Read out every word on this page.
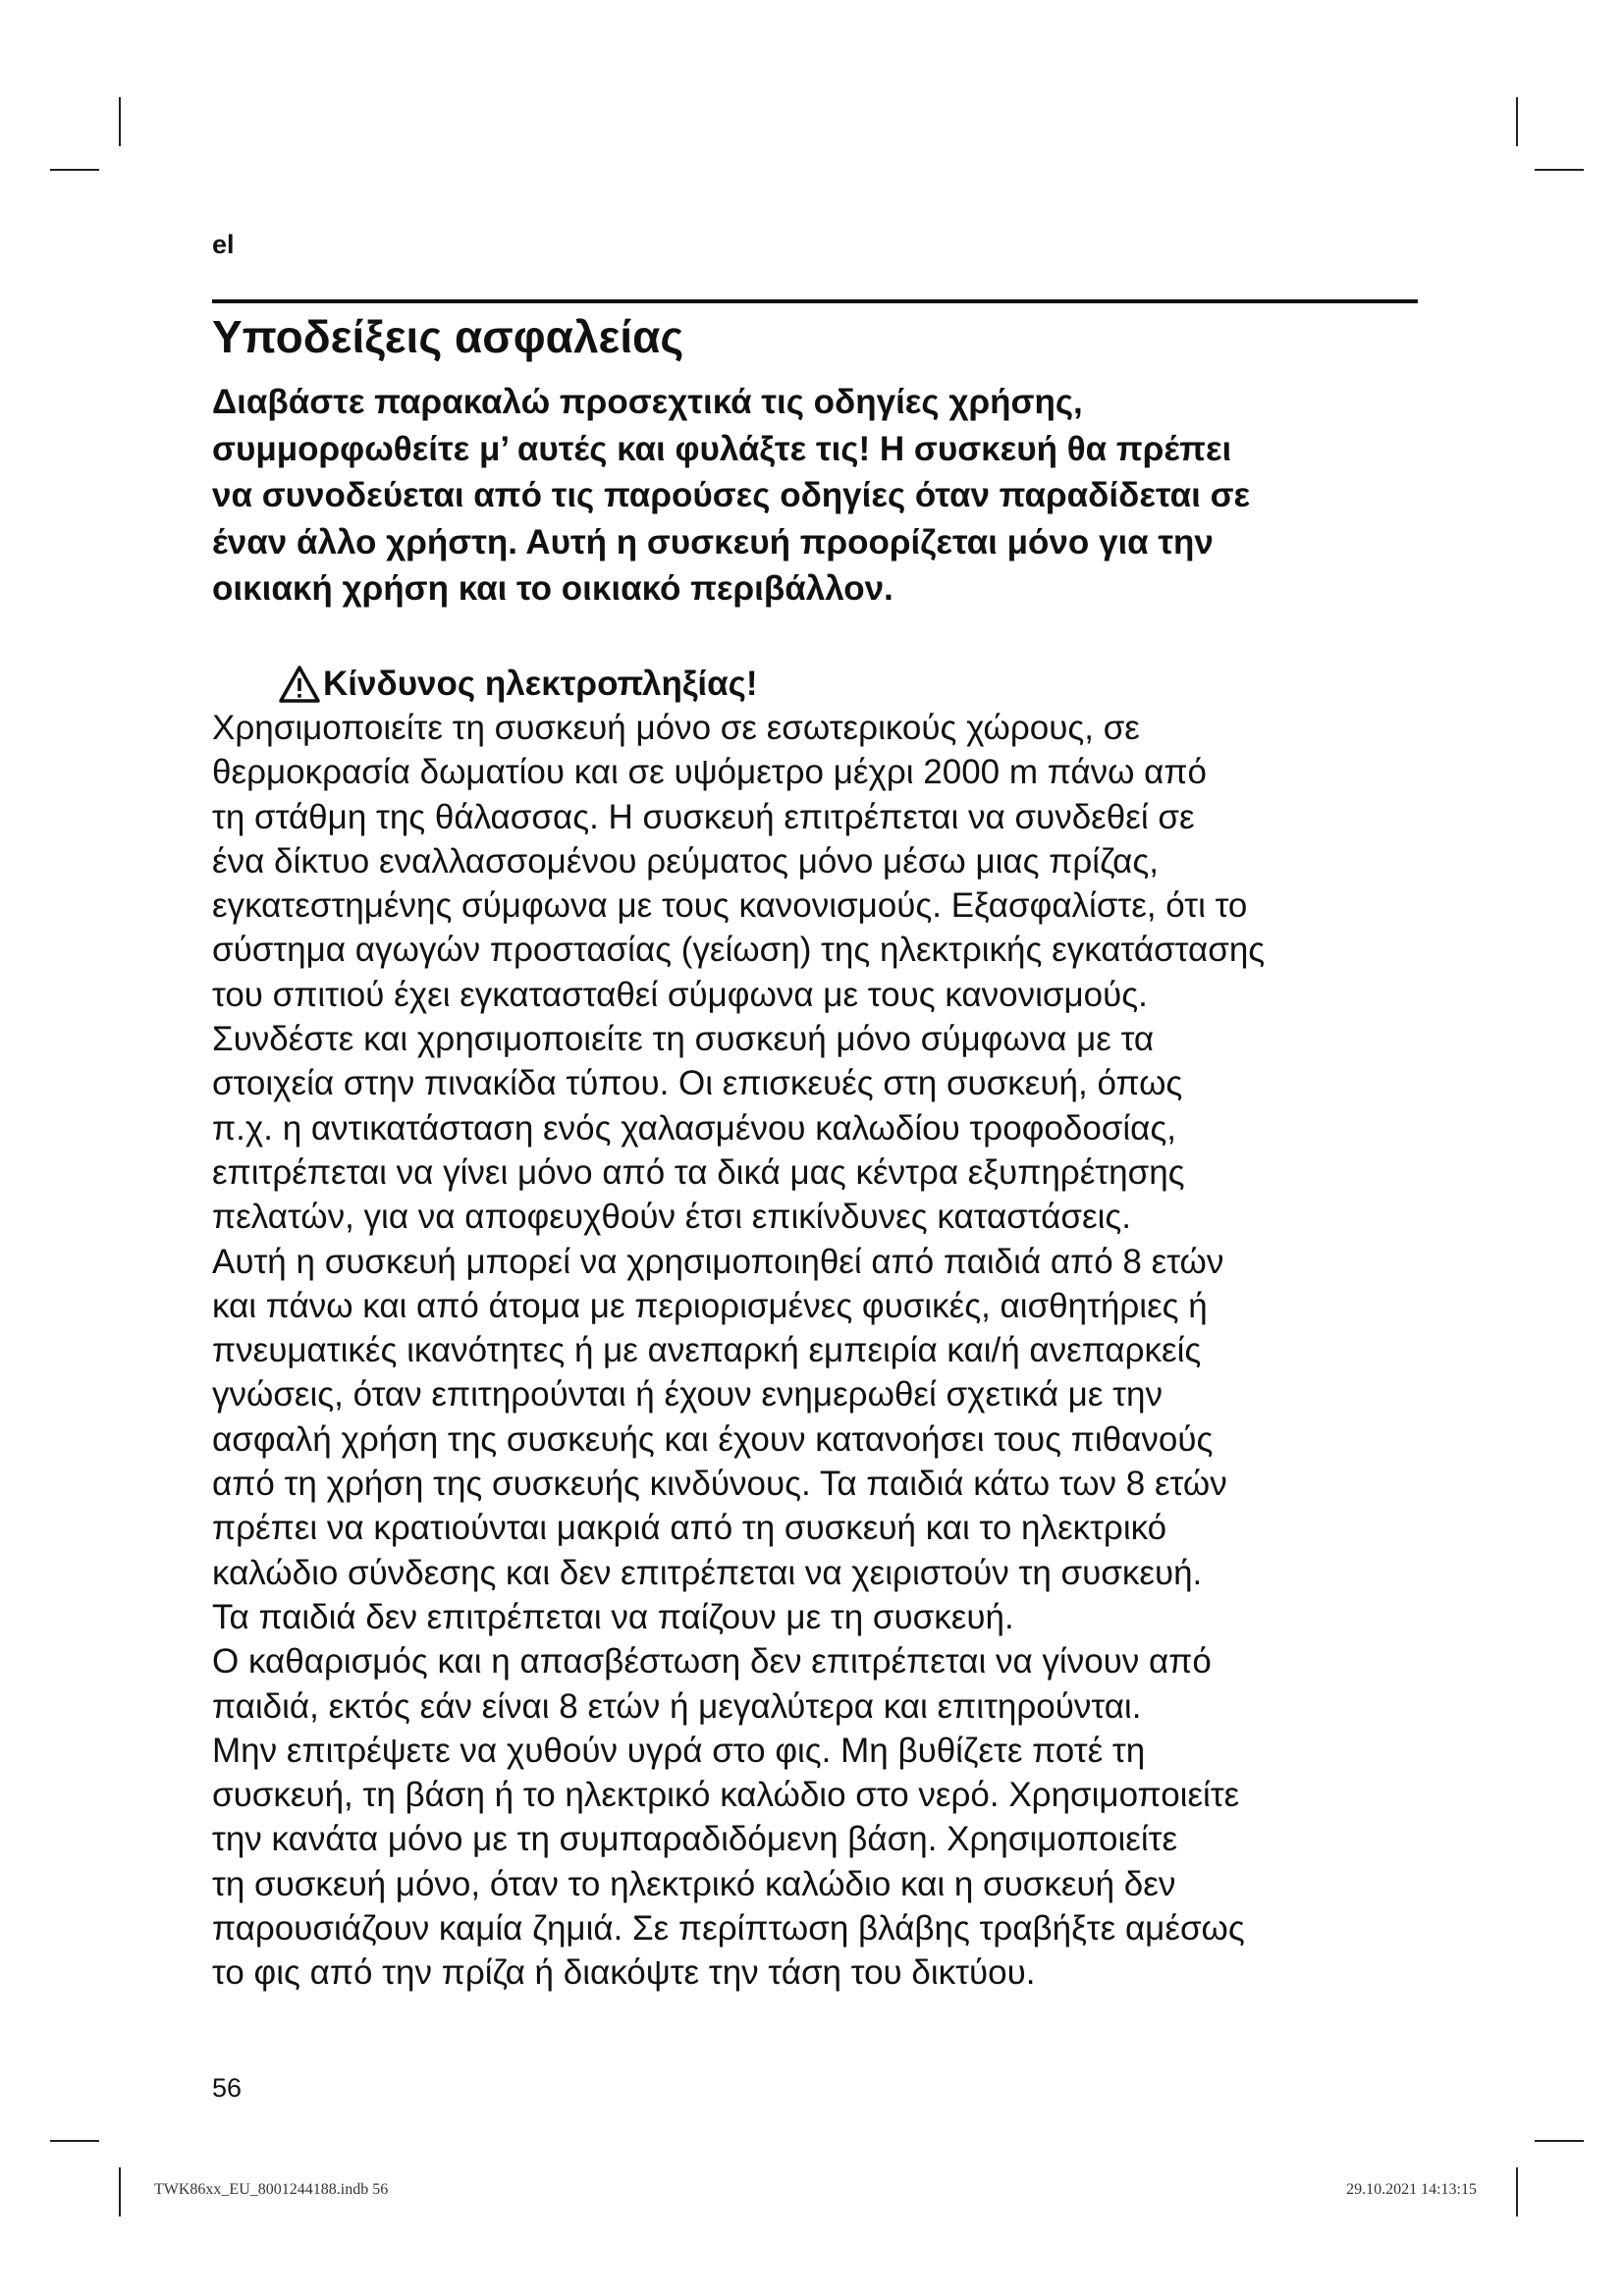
el
Υποδείξεις ασφαλείας
Διαβάστε παρακαλώ προσεχτικά τις οδηγίες χρήσης,
συμμορφωθείτε μ’ αυτές και φυλάξτε τις! Η συσκευή θα πρέπει
να συνοδεύεται από τις παρούσες οδηγίες όταν παραδίδεται σε
έναν άλλο χρήστη. Αυτή η συσκευή προορίζεται μόνο για την
οικιακή χρήση και το οικιακό περιβάλλον.
Κίνδυνος ηλεκτροπληξίας!
Χρησιμοποιείτε τη συσκευή μόνο σε εσωτερικούς χώρους, σε
θερμοκρασία δωματίου και σε υψόμετρο μέχρι 2000 m πάνω από
τη στάθμη της θάλασσας. Η συσκευή επιτρέπεται να συνδεθεί σε
ένα δίκτυο εναλλασσομένου ρεύματος μόνο μέσω μιας πρίζας,
εγκατεστημένης σύμφωνα με τους κανονισμούς. Εξασφαλίστε, ότι το
σύστημα αγωγών προστασίας (γείωση) της ηλεκτρικής εγκατάστασης
του σπιτιού έχει εγκατασταθεί σύμφωνα με τους κανονισμούς.
Συνδέστε και χρησιμοποιείτε τη συσκευή μόνο σύμφωνα με τα
στοιχεία στην πινακίδα τύπου. Οι επισκευές στη συσκευή, όπως
π.χ. η αντικατάσταση ενός χαλασμένου καλωδίου τροφοδοσίας,
επιτρέπεται να γίνει μόνο από τα δικά μας κέντρα εξυπηρέτησης
πελατών, για να αποφευχθούν έτσι επικίνδυνες καταστάσεις.
Αυτή η συσκευή μπορεί να χρησιμοποιηθεί από παιδιά από 8 ετών
και πάνω και από άτομα με περιορισμένες φυσικές, αισθητήριες ή
πνευματικές ικανότητες ή με ανεπαρκή εμπειρία και/ή ανεπαρκείς
γνώσεις, όταν επιτηρούνται ή έχουν ενημερωθεί σχετικά με την
ασφαλή χρήση της συσκευής και έχουν κατανοήσει τους πιθανούς
από τη χρήση της συσκευής κινδύνους. Τα παιδιά κάτω των 8 ετών
πρέπει να κρατιούνται μακριά από τη συσκευή και το ηλεκτρικό
καλώδιο σύνδεσης και δεν επιτρέπεται να χειριστούν τη συσκευή.
Τα παιδιά δεν επιτρέπεται να παίζουν με τη συσκευή.
Ο καθαρισμός και η απασβέστωση δεν επιτρέπεται να γίνουν από
παιδιά, εκτός εάν είναι 8 ετών ή μεγαλύτερα και επιτηρούνται.
Μην επιτρέψετε να χυθούν υγρά στο φις. Μη βυθίζετε ποτέ τη
συσκευή, τη βάση ή το ηλεκτρικό καλώδιο στο νερό. Χρησιμοποιείτε
την κανάτα μόνο με τη συμπαραδιδόμενη βάση. Χρησιμοποιείτε
τη συσκευή μόνο, όταν το ηλεκτρικό καλώδιο και η συσκευή δεν
παρουσιάζουν καμία ζημιά. Σε περίπτωση βλάβης τραβήξτε αμέσως
το φις από την πρίζα ή διακόψτε την τάση του δικτύου.
56
TWK86xx_EU_8001244188.indb 56	29.10.2021 14:13:15
